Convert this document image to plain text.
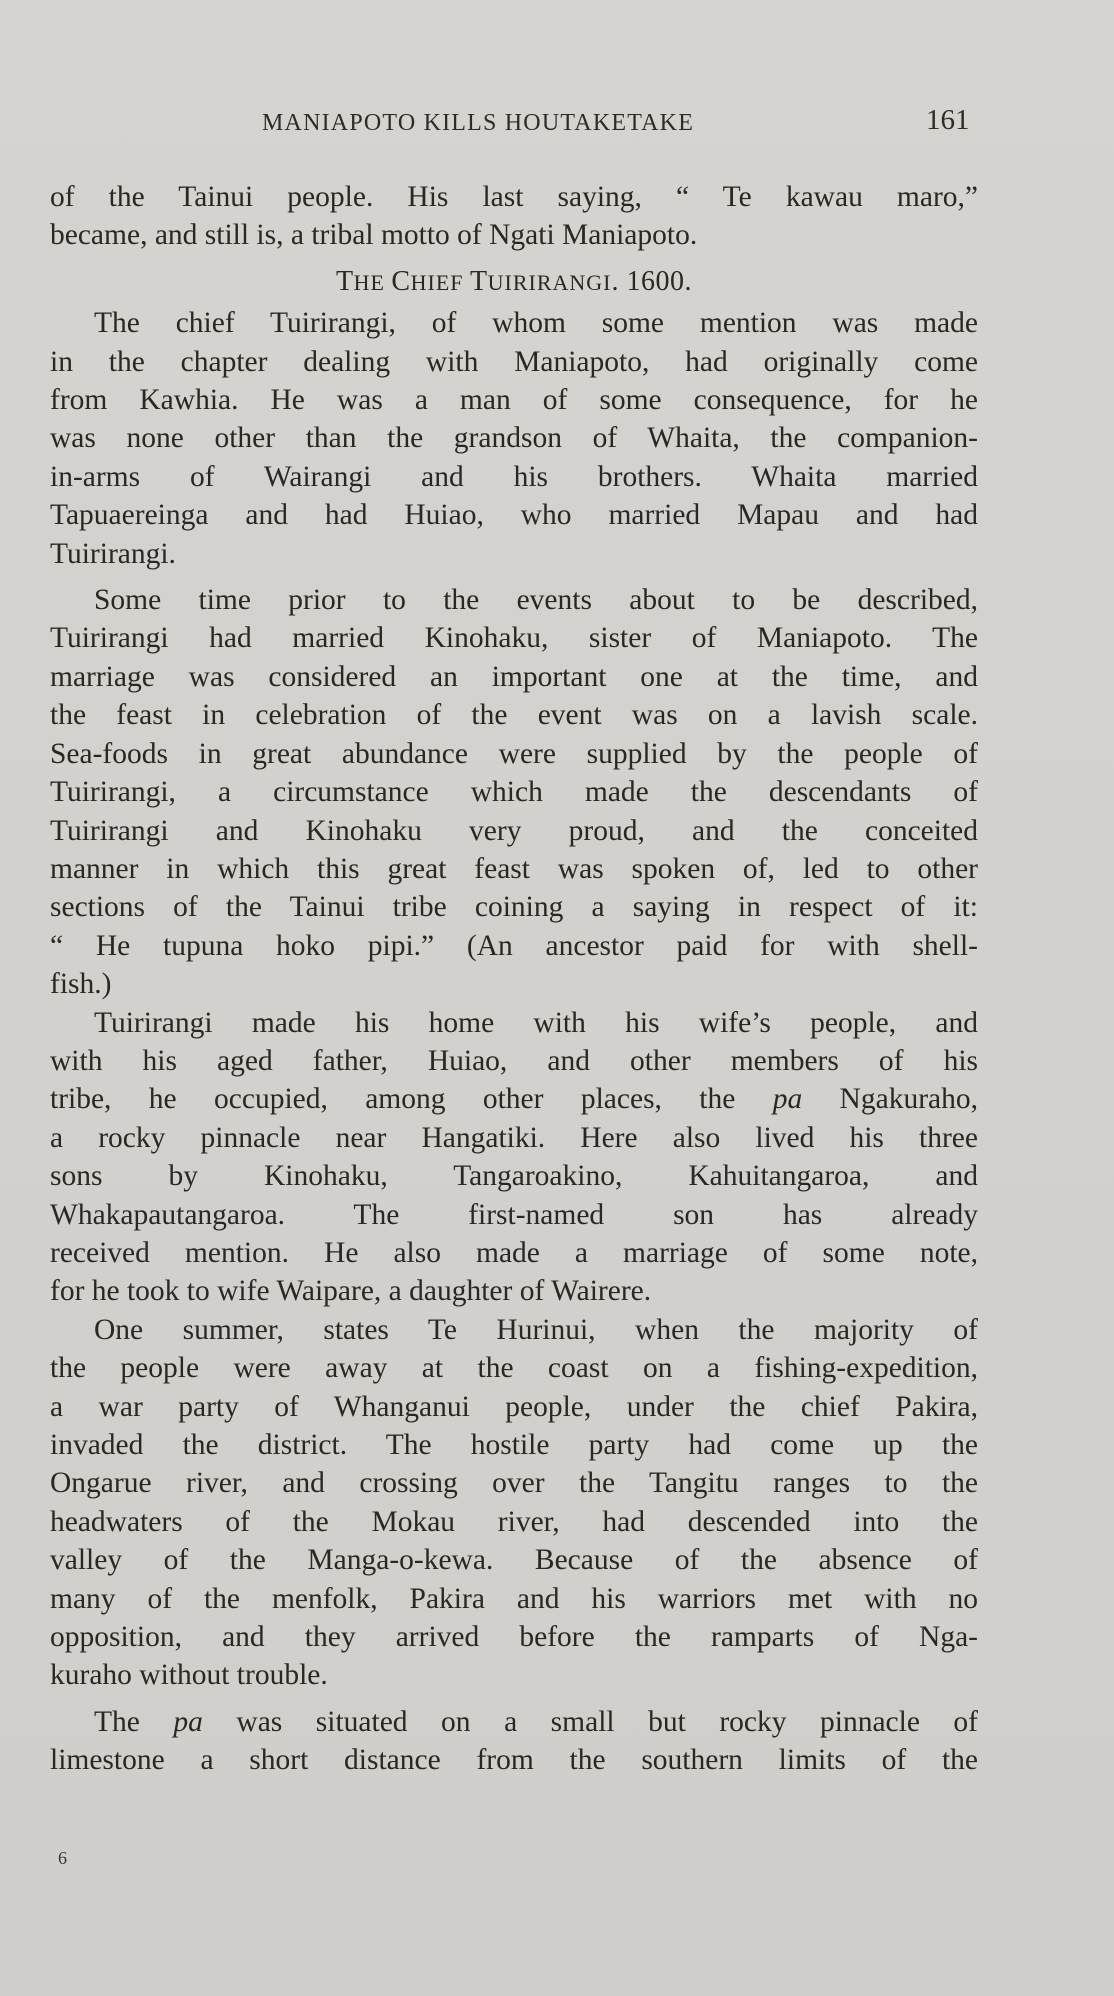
MANIAPOTO KILLS HOUTAKETAKE	161
of the Tainui people. His last saying, “ Te kawau maro,”
became, and still is, a tribal motto of Ngati Maniapoto.
THE CHIEF TUIRIRANGI. 1600.
The chief Tuirirangi, of whom some mention was made
in the chapter dealing with Maniapoto, had originally come
from Kawhia. He was a man of some consequence, for he
was none other than the grandson of Whaita, the companion-
in-arms of Wairangi and his brothers. Whaita married
Tapuaereinga and had Huiao, who married Mapau and had
Tuirirangi.
Some time prior to the events about to be described,
Tuirirangi had married Kinohaku, sister of Maniapoto. The
marriage was considered an important one at the time, and
the feast in celebration of the event was on a lavish scale.
Sea-foods in great abundance were supplied by the people of
Tuirirangi, a circumstance which made the descendants of
Tuirirangi and Kinohaku very proud, and the conceited
manner in which this great feast was spoken of, led to other
sections of the Tainui tribe coining a saying in respect of it:
“ He tupuna hoko pipi.” (An ancestor paid for with shell-
fish.)
Tuirirangi made his home with his wife’s people, and
with his aged father, Huiao, and other members of his
tribe, he occupied, among other places, the pa Ngakuraho,
a rocky pinnacle near Hangatiki. Here also lived his three
sons by Kinohaku, Tangaroakino, Kahuitangaroa, and
Whakapautangaroa. The first-named son has already
received mention. He also made a marriage of some note,
for he took to wife Waipare, a daughter of Wairere.
One summer, states Te Hurinui, when the majority of
the people were away at the coast on a fishing-expedition,
a war party of Whanganui people, under the chief Pakira,
invaded the district. The hostile party had come up the
Ongarue river, and crossing over the Tangitu ranges to the
headwaters of the Mokau river, had descended into the
valley of the Manga-o-kewa. Because of the absence of
many of the menfolk, Pakira and his warriors met with no
opposition, and they arrived before the ramparts of Nga-
kuraho without trouble.
The pa was situated on a small but rocky pinnacle of
limestone a short distance from the southern limits of the
6
